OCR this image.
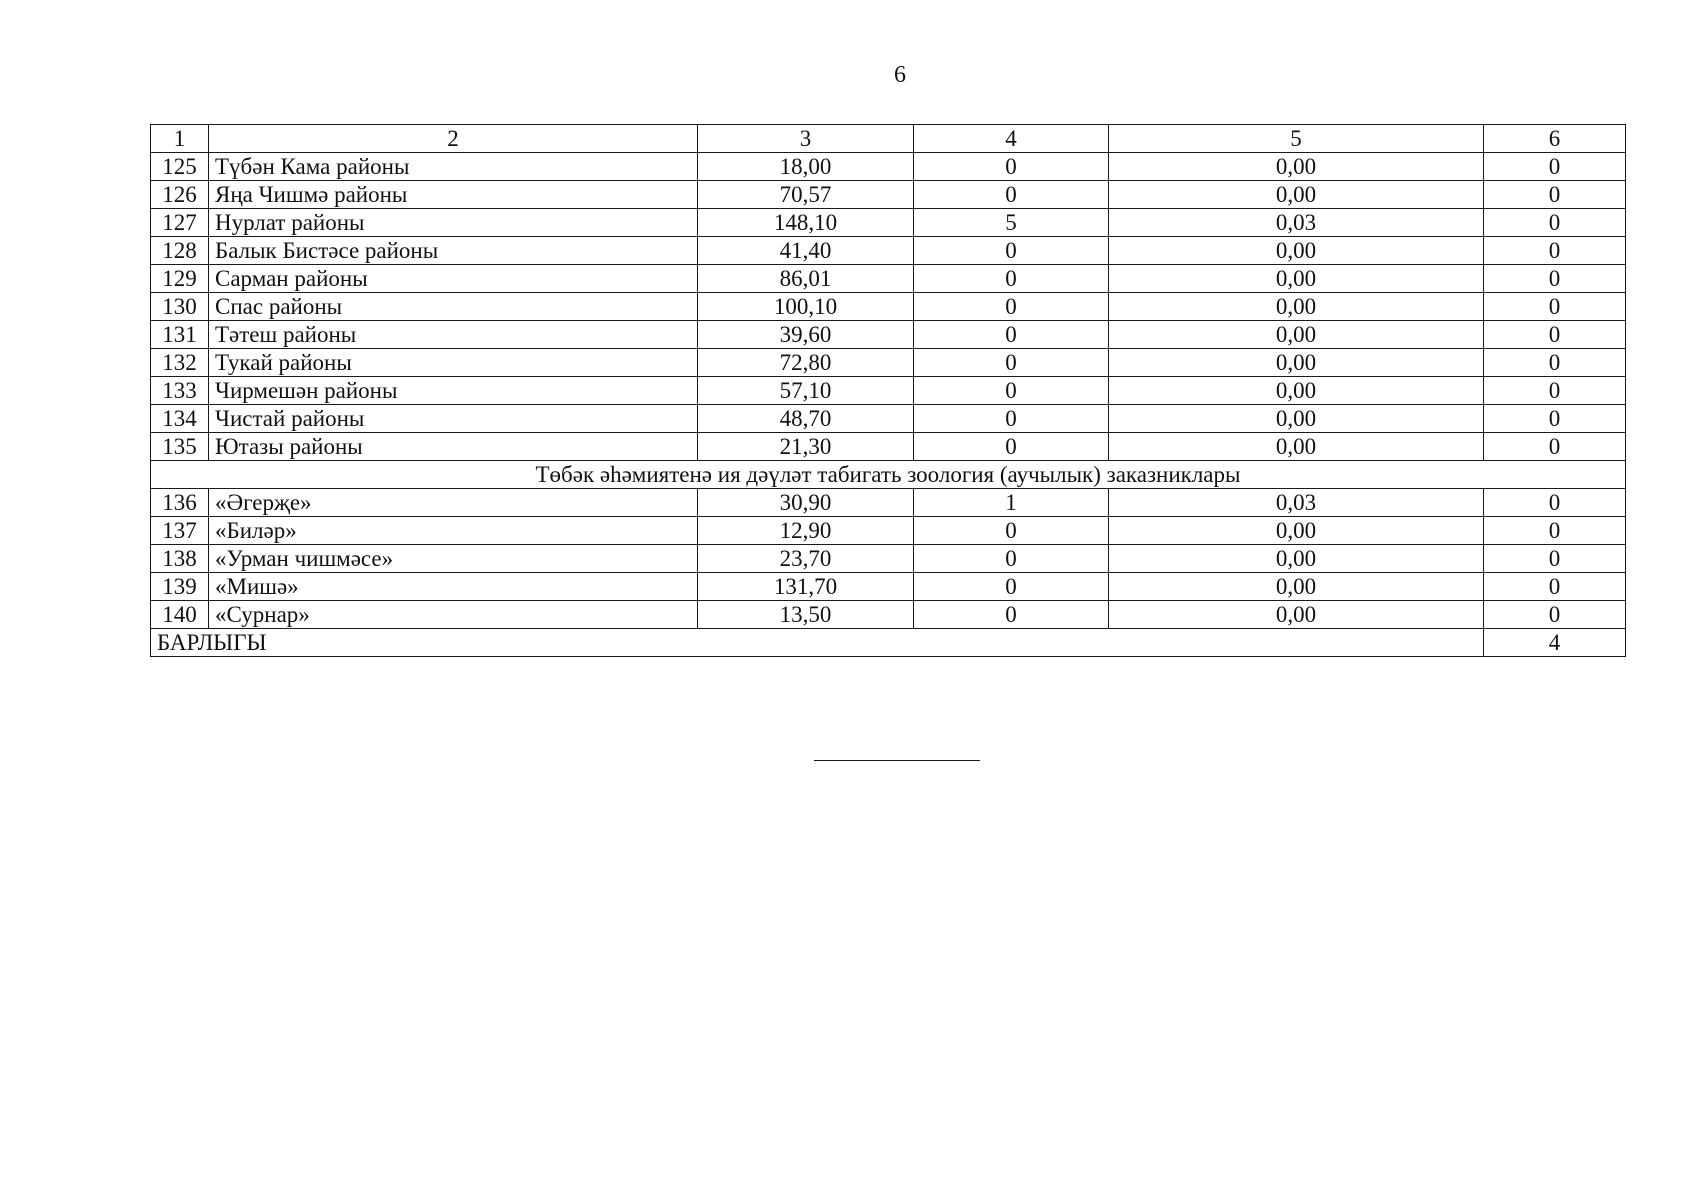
6
1	2	3	4	5	6
125	Түбән Кама районы	18,00	0	0,00	0
126	Яңа Чишмә районы	70,57	0	0,00	0
127	Нурлат районы	148,10	5	0,03	0
128	Балык Бистәсе районы	41,40	0	0,00	0
129	Сарман районы	86,01	0	0,00	0
130	Спас районы	100,10	0	0,00	0
131	Тәтеш районы	39,60	0	0,00	0
132	Тукай районы	72,80	0	0,00	0
133	Чирмешән районы	57,10	0	0,00	0
134	Чистай районы	48,70	0	0,00	0
135	Ютазы районы	21,30	0	0,00	0
Төбәк әһәмиятенә ия дәүләт табигать зоология (аучылык) заказниклары					
136	«Әгерҗе»	30,90	1	0,03	0
137	«Биләр»	12,90	0	0,00	0
138	«Урман чишмәсе»	23,70	0	0,00	0
139	«Мишә»	131,70	0	0,00	0
140	«Сурнар»	13,50	0	0,00	0
БАРЛЫГЫ					4
